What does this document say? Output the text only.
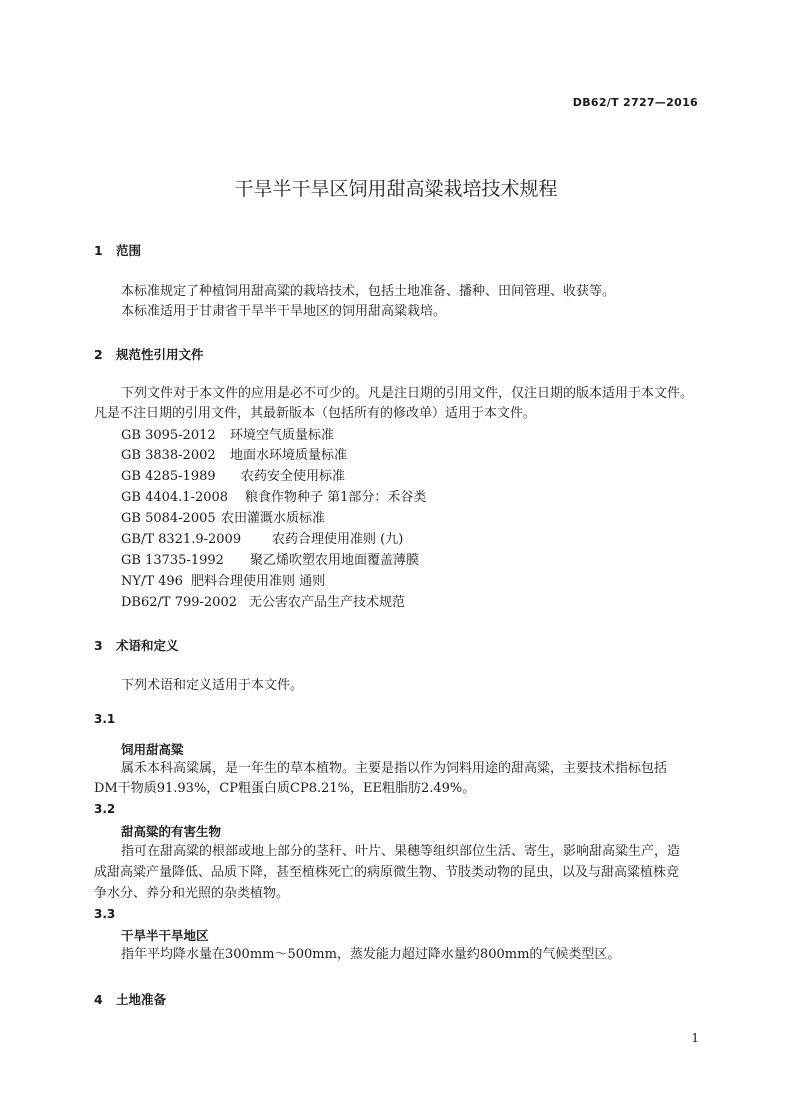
DB62/T 2727—2016
干旱半干旱区饲用甜高粱栽培技术规程
1 范围
本标准规定了种植饲用甜高粱的栽培技术，包括土地准备、播种、田间管理、收获等。
本标准适用于甘肃省干旱半干旱地区的饲用甜高粱栽培。
2 规范性引用文件
下列文件对于本文件的应用是必不可少的。凡是注日期的引用文件，仅注日期的版本适用于本文件。
凡是不注日期的引用文件，其最新版本（包括所有的修改单）适用于本文件。
GB 3095-2012 环境空气质量标准
GB 3838-2002 地面水环境质量标准
GB 4285-1989 农药安全使用标准
GB 4404.1-2008 粮食作物种子 第1部分：禾谷类
GB 5084-2005 农田灌溉水质标准
GB/T 8321.9-2009 农药合理使用准则 (九)
GB 13735-1992 聚乙烯吹塑农用地面覆盖薄膜
NY/T 496 肥料合理使用准则 通则
DB62/T 799-2002 无公害农产品生产技术规范
3 术语和定义
下列术语和定义适用于本文件。
3.1
饲用甜高粱
属禾本科高粱属，是一年生的草本植物。主要是指以作为饲料用途的甜高粱，主要技术指标包括
DM干物质91.93%，CP粗蛋白质CP8.21%，EE粗脂肪2.49%。
3.2
甜高粱的有害生物
指可在甜高粱的根部或地上部分的茎秆、叶片、果穗等组织部位生活、寄生，影响甜高粱生产，造
成甜高粱产量降低、品质下降，甚至植株死亡的病原微生物、节肢类动物的昆虫，以及与甜高粱植株竞
争水分、养分和光照的杂类植物。
3.3
干旱半干旱地区
指年平均降水量在300mm～500mm，蒸发能力超过降水量约800mm的气候类型区。
4 土地准备
1
